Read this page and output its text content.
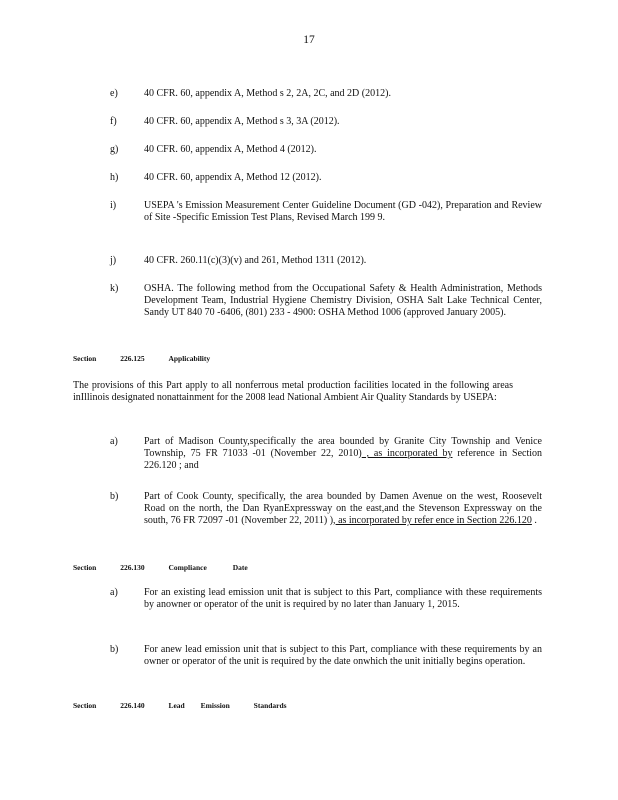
17
e)	40 CFR. 60, appendix A, Method s 2, 2A, 2C, and 2D (2012).
f)	40 CFR. 60, appendix A, Method s 3, 3A (2012).
g)	40 CFR. 60, appendix A, Method 4 (2012).
h)	40 CFR. 60, appendix A, Method 12 (2012).
i)	USEPA 's Emission Measurement Center Guideline Document (GD -042), Preparation and Review of Site -Specific Emission Test Plans, Revised March 199 9.
j)	40 CFR. 260.11(c)(3)(v) and 261, Method 1311 (2012).
k)	OSHA. The following method from the Occupational Safety & Health Administration, Methods Development Team, Industrial Hygiene Chemistry Division, OSHA Salt Lake Technical Center, Sandy UT 840 70 -6406, (801) 233 - 4900: OSHA Method 1006 (approved January 2005).
Section	226.125	Applicability
The provisions of this Part apply to all nonferrous metal production facilities located in the following areas inIllinois designated nonattainment for the 2008 lead National Ambient Air Quality Standards by USEPA:
a)	Part of Madison County,specifically the area bounded by Granite City Township and Venice Township, 75 FR 71033 -01 (November 22, 2010) , as incorporated by reference in Section 226.120 ; and
b)	Part of Cook County, specifically, the area bounded by Damen Avenue on the west, Roosevelt Road on the north, the Dan RyanExpressway on the east,and the Stevenson Expressway on the south, 76 FR 72097 -01 (November 22, 2011) ), as incorporated by refer ence in Section 226.120 .
Section	226.130	Compliance	Date
a)	For an existing lead emission unit that is subject to this Part, compliance with these requirements by anowner or operator of the unit is required by no later than January 1, 2015.
b)	For anew lead emission unit that is subject to this Part, compliance with these requirements by an owner or operator of the unit is required by the date onwhich the unit initially begins operation.
Section	226.140	Lead Emission	Standards
